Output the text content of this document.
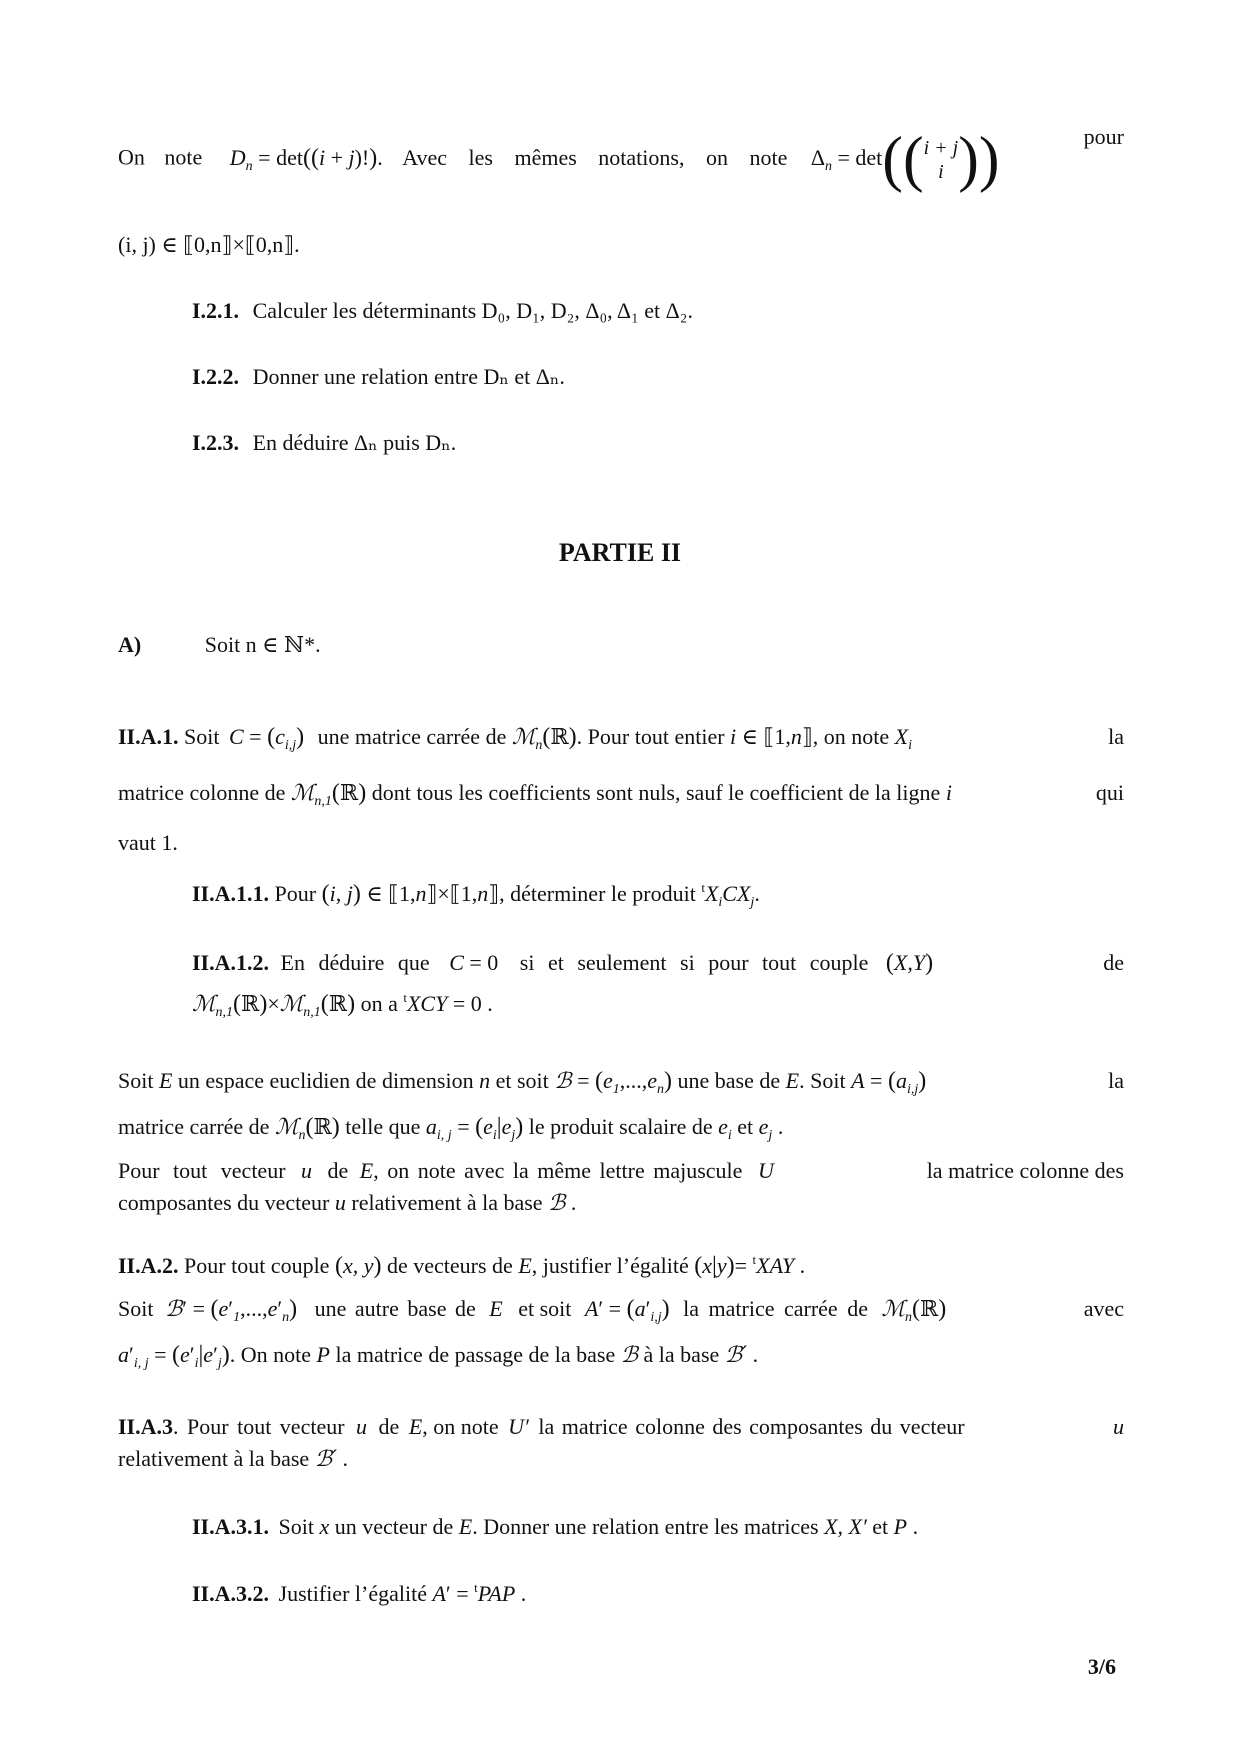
On note $D_n = \det((i + j)!)$. Avec les mêmes notations, on note $\Delta_n = \det((i + j$
i ))	pour
(i, j) ∈ ⟦0,n⟧×⟦0,n⟧.
I.2.1. Calculer les déterminants D₀, D₁, D₂, Δ₀, Δ₁ et Δ₂.
I.2.2. Donner une relation entre Dₙ et Δₙ.
I.2.3. En déduire Δₙ puis Dₙ.
PARTIE II
A)	Soit n ∈ ℕ*.
II.A.1. Soit $C = (c_{i,j})$ une matrice carrée de ℳ$_n$(ℝ). Pour tout entier i ∈ ⟦1,n⟧, on note $X_i$	la
matrice colonne de ℳ$_{n,1}$(ℝ) dont tous les coefficients sont nuls, sauf le coefficient de la ligne i	qui
vaut 1.
II.A.1.1. Pour (i, j) ∈ ⟦1,n⟧×⟦1,n⟧, déterminer le produit $^tX_iCX_j$.
II.A.1.2. En déduire que C = 0 si et seulement si pour tout couple (X,Y)	de
ℳ$_{n,1}$(ℝ)×ℳ$_{n,1}$(ℝ) on a $^t$XCY = 0 .
Soit E un espace euclidien de dimension n et soit ℬ = $(e_1,...,e_n)$ une base de E. Soit $A = (a_{i,j})$	la
matrice carrée de ℳ$_n$(ℝ) telle que $a_{i, j} = (e_i|e_j)$ le produit scalaire de $e_i$ et $e_j$ .
Pour tout vecteur u de E, on note avec la même lettre majuscule U	la matrice colonne des
composantes du vecteur u relativement à la base ℬ .
II.A.2. Pour tout couple (x, y) de vecteurs de E, justifier l’égalité (x|y)= $^t$XAY .
Soit ℬ′ = $(e'_1,...,e'_n)$ une autre base de E et soit $A' = (a'_{i,j})$ la matrice carrée de ℳ$_n$(ℝ)	avec
$a'_{i, j} = (e'_i|e'_j)$. On note P la matrice de passage de la base ℬ à la base ℬ′ .
II.A.3. Pour tout vecteur u de E, on note U′ la matrice colonne des composantes du vecteur	u
relativement à la base ℬ′ .
II.A.3.1. Soit x un vecteur de E. Donner une relation entre les matrices X, X′ et P .
II.A.3.2. Justifier l’égalité A′ = $^t$PAP .
3/6
